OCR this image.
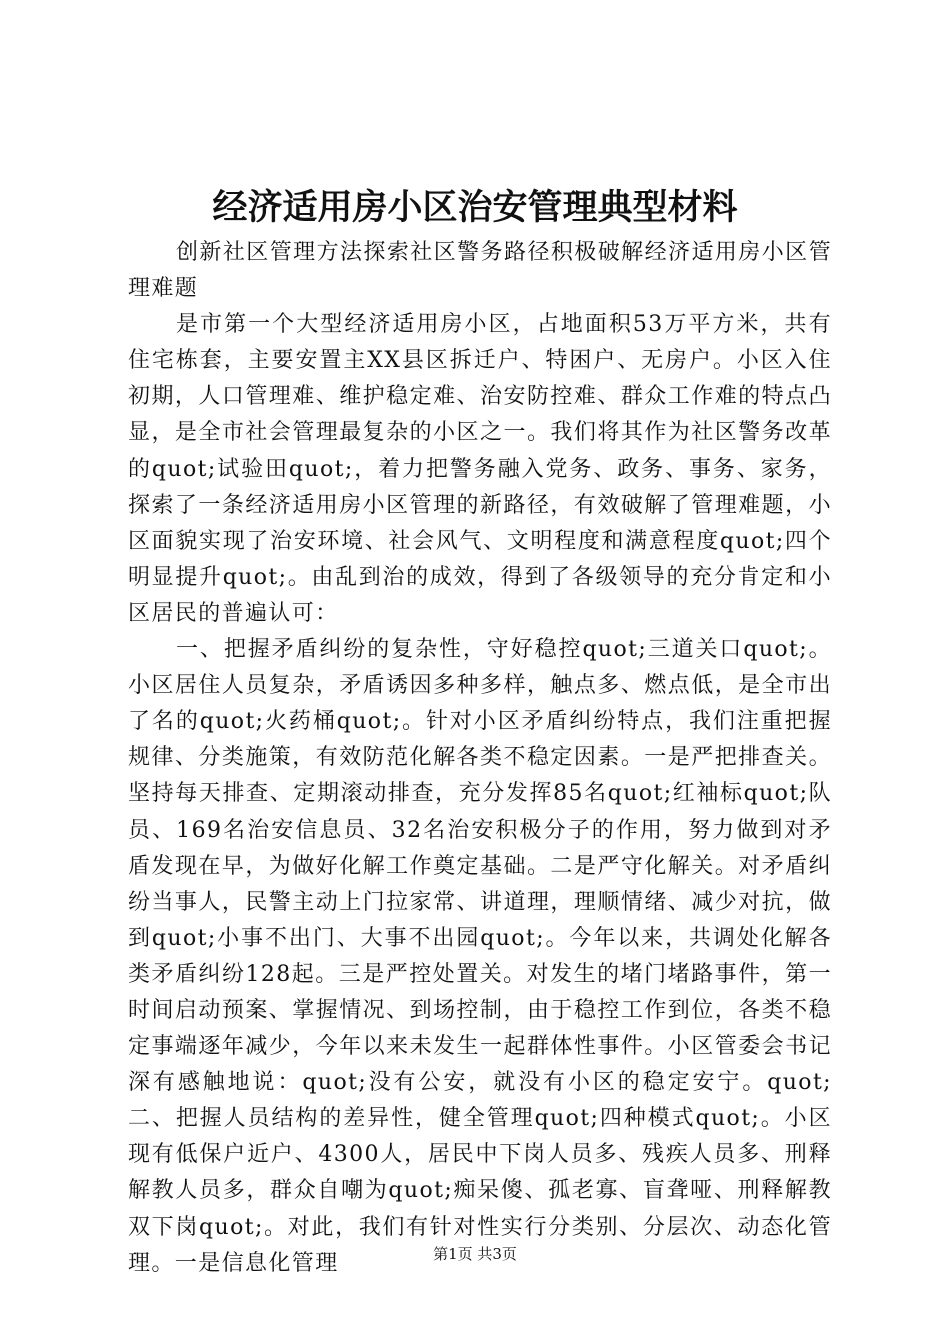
经济适用房小区治安管理典型材料

创新社区管理方法探索社区警务路径积极破解经济适用房小区管理难题

是市第一个大型经济适用房小区，占地面积53万平方米，共有住宅栋套，主要安置主XX县区拆迁户、特困户、无房户。小区入住初期，人口管理难、维护稳定难、治安防控难、群众工作难的特点凸显，是全市社会管理最复杂的小区之一。我们将其作为社区警务改革的quot;试验田quot;，着力把警务融入党务、政务、事务、家务，探索了一条经济适用房小区管理的新路径，有效破解了管理难题，小区面貌实现了治安环境、社会风气、文明程度和满意程度quot;四个明显提升quot;。由乱到治的成效，得到了各级领导的充分肯定和小区居民的普遍认可：

一、把握矛盾纠纷的复杂性，守好稳控quot;三道关口quot;。小区居住人员复杂，矛盾诱因多种多样，触点多、燃点低，是全市出了名的quot;火药桶quot;。针对小区矛盾纠纷特点，我们注重把握规律、分类施策，有效防范化解各类不稳定因素。一是严把排查关。坚持每天排查、定期滚动排查，充分发挥85名quot;红袖标quot;队员、169名治安信息员、32名治安积极分子的作用，努力做到对矛盾发现在早，为做好化解工作奠定基础。二是严守化解关。对矛盾纠纷当事人，民警主动上门拉家常、讲道理，理顺情绪、减少对抗，做到quot;小事不出门、大事不出园quot;。今年以来，共调处化解各类矛盾纠纷128起。三是严控处置关。对发生的堵门堵路事件，第一时间启动预案、掌握情况、到场控制，由于稳控工作到位，各类不稳定事端逐年减少，今年以来未发生一起群体性事件。小区管委会书记深有感触地说：quot;没有公安，就没有小区的稳定安宁。quot;二、把握人员结构的差异性，健全管理quot;四种模式quot;。小区现有低保户近户、4300人，居民中下岗人员多、残疾人员多、刑释解教人员多，群众自嘲为quot;痴呆傻、孤老寡、盲聋哑、刑释解教双下岗quot;。对此，我们有针对性实行分类别、分层次、动态化管理。一是信息化管理	第1页 共3页
